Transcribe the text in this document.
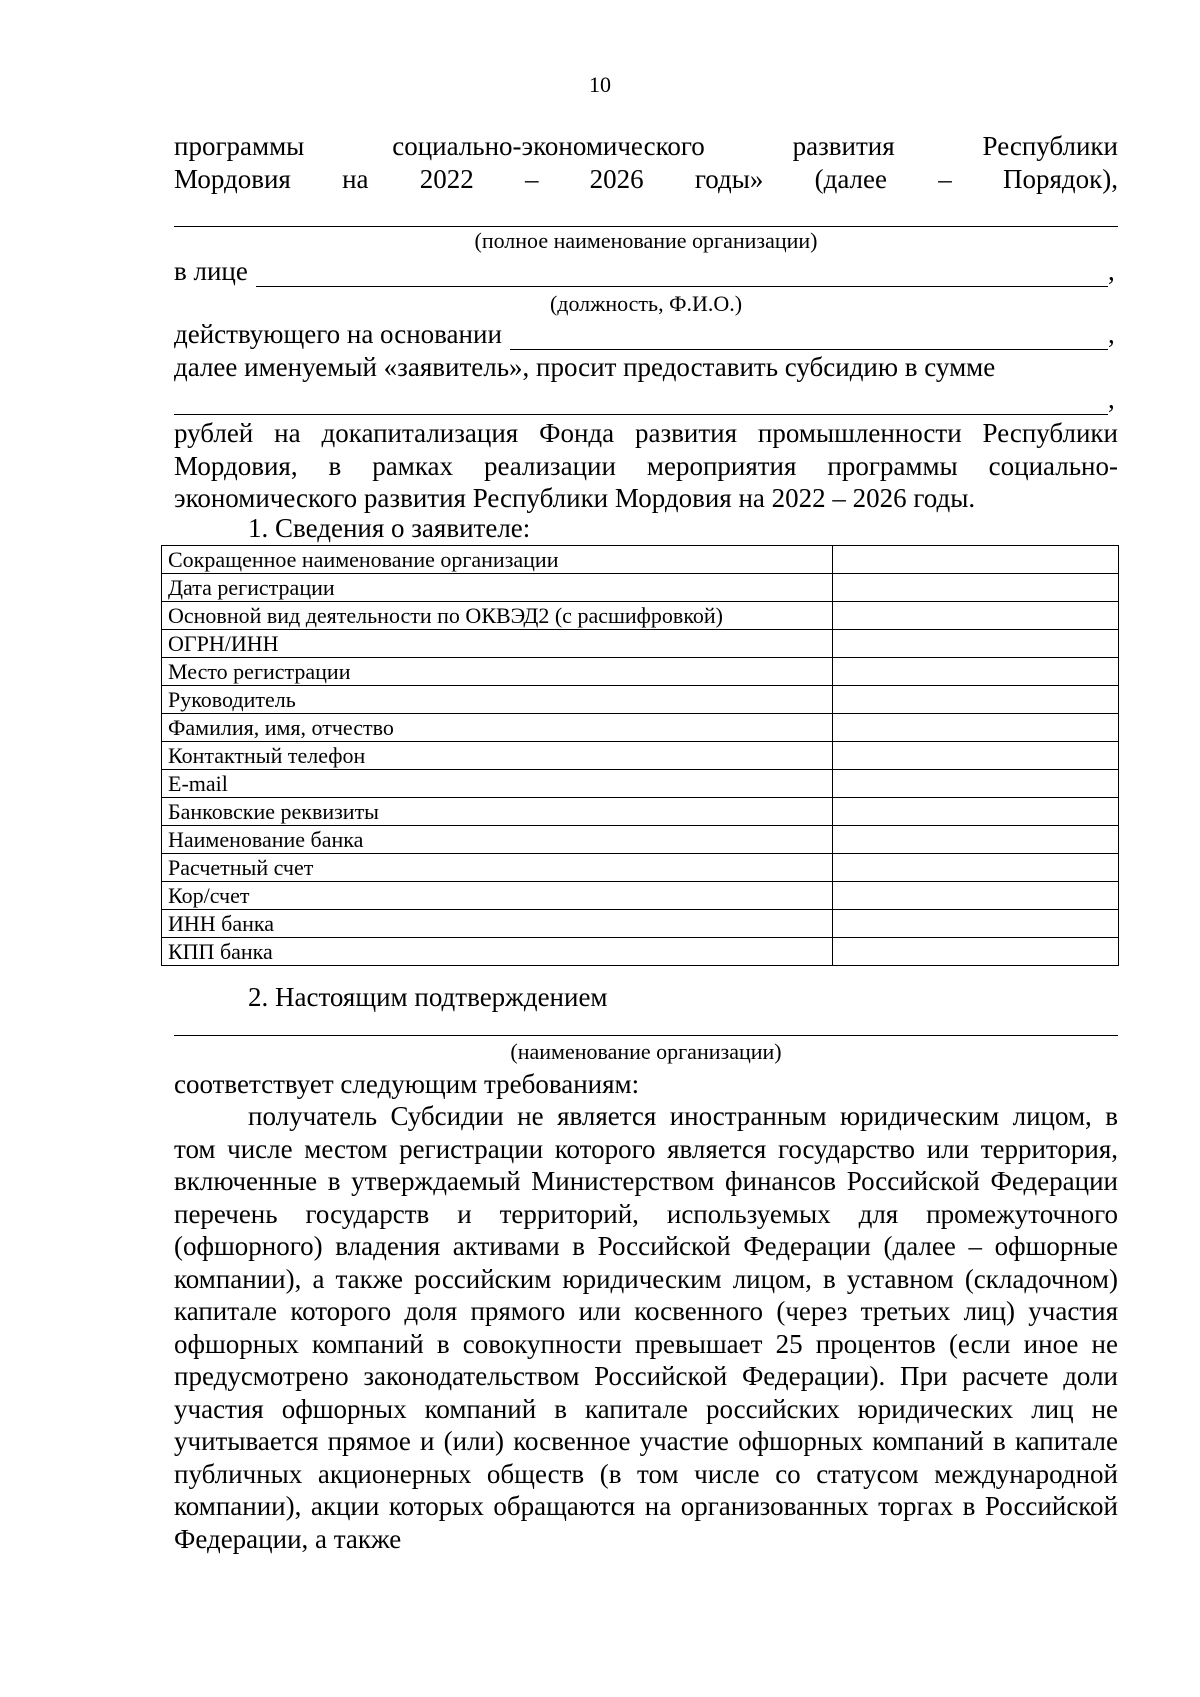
10
программы	социально-экономического	развития	Республики
Мордовия на 2022 – 2026 годы» (далее – Порядок),
(полное наименование организации)
в лице	,
(должность, Ф.И.О.)
действующего на основании	,
далее именуемый «заявитель», просит предоставить субсидию в сумме
,
рублей на докапитализация Фонда развития промышленности Республики Мордовия, в рамках реализации мероприятия программы социально-экономического развития Республики Мордовия на 2022 – 2026 годы.
1. Сведения о заявителе:
Сокращенное наименование организации	
Дата регистрации	
Основной вид деятельности по ОКВЭД2 (с расшифровкой)	
ОГРН/ИНН	
Место регистрации	
Руководитель	
Фамилия, имя, отчество	
Контактный телефон	
E-mail	
Банковские реквизиты	
Наименование банка	
Расчетный счет	
Кор/счет	
ИНН банка	
КПП банка	
2. Настоящим подтверждением
(наименование организации)
соответствует следующим требованиям:
получатель Субсидии не является иностранным юридическим лицом, в том числе местом регистрации которого является государство или территория, включенные в утверждаемый Министерством финансов Российской Федерации перечень государств и территорий, используемых для промежуточного (офшорного) владения активами в Российской Федерации (далее – офшорные компании), а также российским юридическим лицом, в уставном (складочном) капитале которого доля прямого или косвенного (через третьих лиц) участия офшорных компаний в совокупности превышает 25 процентов (если иное не предусмотрено законодательством Российской Федерации). При расчете доли участия офшорных компаний в капитале российских юридических лиц не учитывается прямое и (или) косвенное участие офшорных компаний в капитале публичных акционерных обществ (в том числе со статусом международной компании), акции которых обращаются на организованных торгах в Российской Федерации, а также
